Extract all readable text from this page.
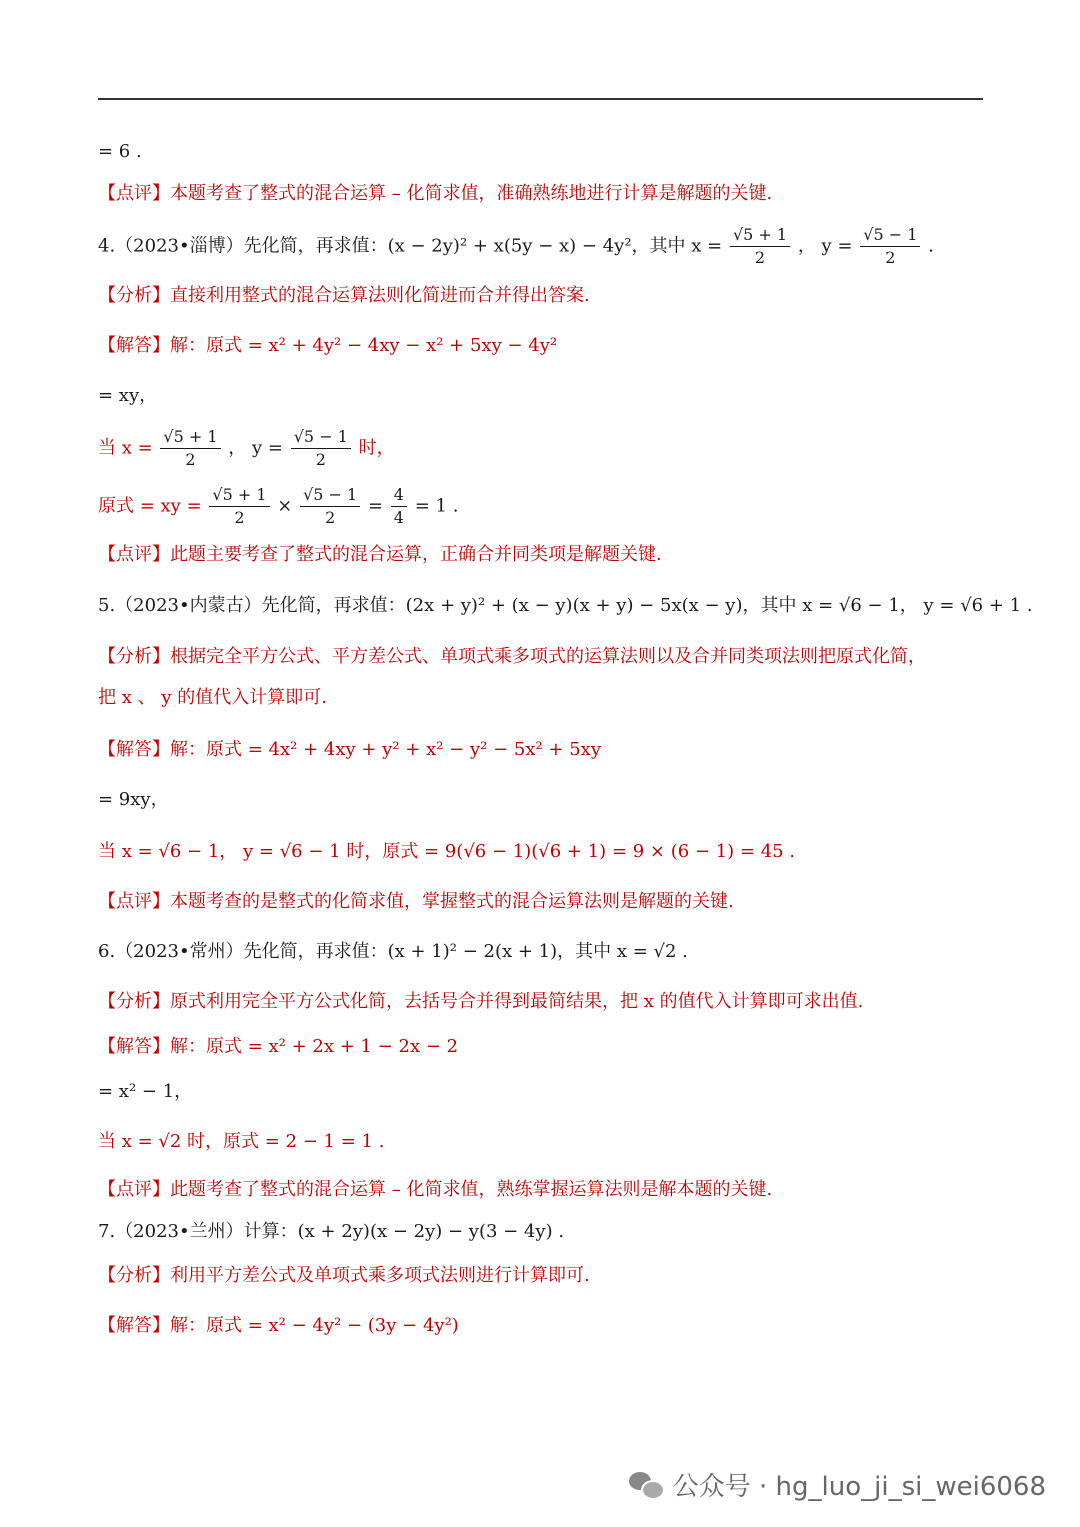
= 6 .
【点评】本题考查了整式的混合运算 – 化简求值，准确熟练地进行计算是解题的关键.
4.（2023•淄博）先化简，再求值：(x − 2y)² + x(5y − x) − 4y²，其中 $x = \frac{√5 + 1}{2}$ ， $y = \frac{√5 - 1}{2}$ .
【分析】直接利用整式的混合运算法则化简进而合并得出答案.
【解答】解：原式 = x² + 4y² − 4xy − x² + 5xy − 4y²
= xy，
当 $x = \frac{√5 + 1}{2}$ ， $y = \frac{√5 - 1}{2}$ 时，
原式 = xy = $\frac{√5 + 1}{2} \times \frac{√5 - 1}{2} = \frac{4}{4} = 1$ .
【点评】此题主要考查了整式的混合运算，正确合并同类项是解题关键.
5.（2023•内蒙古）先化简，再求值：(2x + y)² + (x − y)(x + y) − 5x(x − y)，其中 x = √6 − 1， y = √6 + 1 .
【分析】根据完全平方公式、平方差公式、单项式乘多项式的运算法则以及合并同类项法则把原式化简，
把 x 、 y 的值代入计算即可.
【解答】解：原式 = 4x² + 4xy + y² + x² − y² − 5x² + 5xy
= 9xy，
当 x = √6 − 1， y = √6 − 1 时，原式 = 9(√6 − 1)(√6 + 1) = 9 × (6 − 1) = 45 .
【点评】本题考查的是整式的化简求值，掌握整式的混合运算法则是解题的关键.
6.（2023•常州）先化简，再求值：(x + 1)² − 2(x + 1)，其中 x = √2 .
【分析】原式利用完全平方公式化简，去括号合并得到最简结果，把 x 的值代入计算即可求出值.
【解答】解：原式 = x² + 2x + 1 − 2x − 2
= x² − 1，
当 x = √2 时，原式 = 2 − 1 = 1 .
【点评】此题考查了整式的混合运算 – 化简求值，熟练掌握运算法则是解本题的关键.
7.（2023•兰州）计算：(x + 2y)(x − 2y) − y(3 − 4y) .
【分析】利用平方差公式及单项式乘多项式法则进行计算即可.
【解答】解：原式 = x² − 4y² − (3y − 4y²)
公众号 · hg_luo_ji_si_wei6068
